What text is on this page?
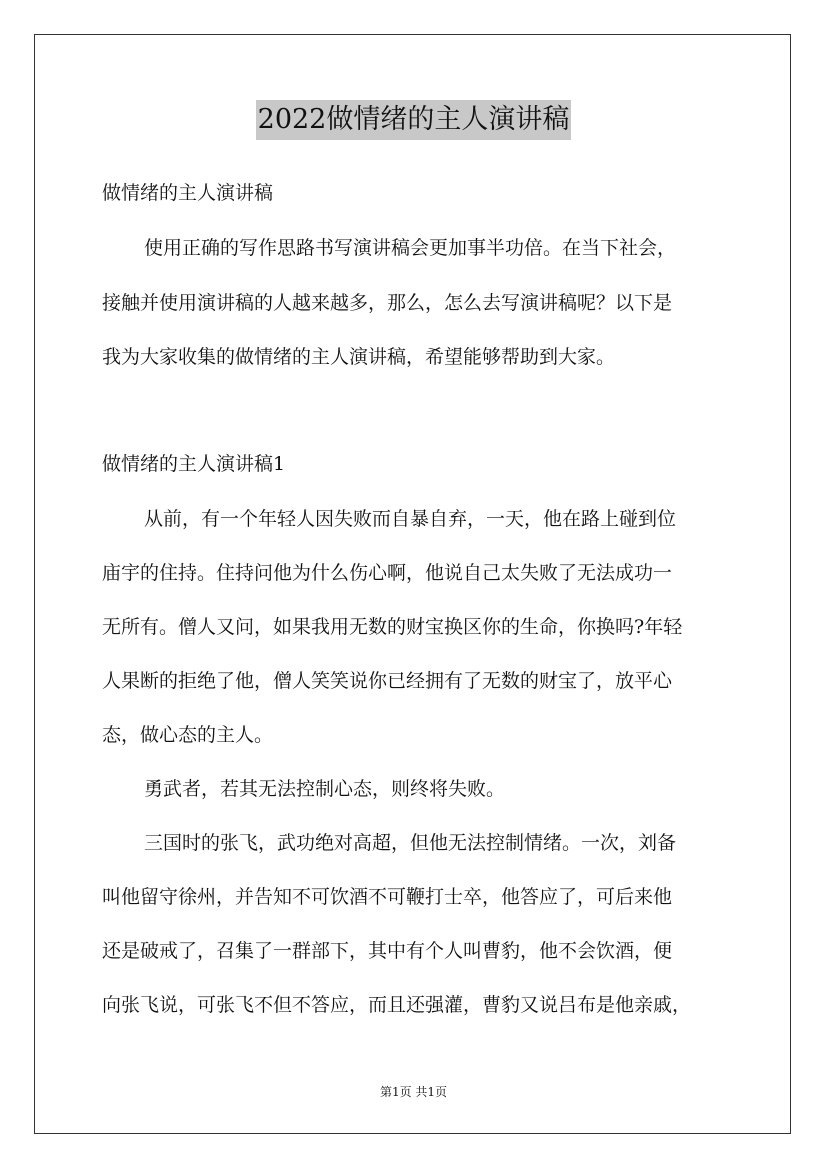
2022做情绪的主人演讲稿

做情绪的主人演讲稿

使用正确的写作思路书写演讲稿会更加事半功倍。在当下社会，

接触并使用演讲稿的人越来越多，那么，怎么去写演讲稿呢？以下是

我为大家收集的做情绪的主人演讲稿，希望能够帮助到大家。

做情绪的主人演讲稿1

从前，有一个年轻人因失败而自暴自弃，一天，他在路上碰到位

庙宇的住持。住持问他为什么伤心啊，他说自己太失败了无法成功一

无所有。僧人又问，如果我用无数的财宝换区你的生命，你换吗?年轻

人果断的拒绝了他，僧人笑笑说你已经拥有了无数的财宝了，放平心

态，做心态的主人。

勇武者，若其无法控制心态，则终将失败。

三国时的张飞，武功绝对高超，但他无法控制情绪。一次，刘备

叫他留守徐州，并告知不可饮酒不可鞭打士卒，他答应了，可后来他

还是破戒了，召集了一群部下，其中有个人叫曹豹，他不会饮酒，便

向张飞说，可张飞不但不答应，而且还强灌，曹豹又说吕布是他亲戚，

第1页 共1页
